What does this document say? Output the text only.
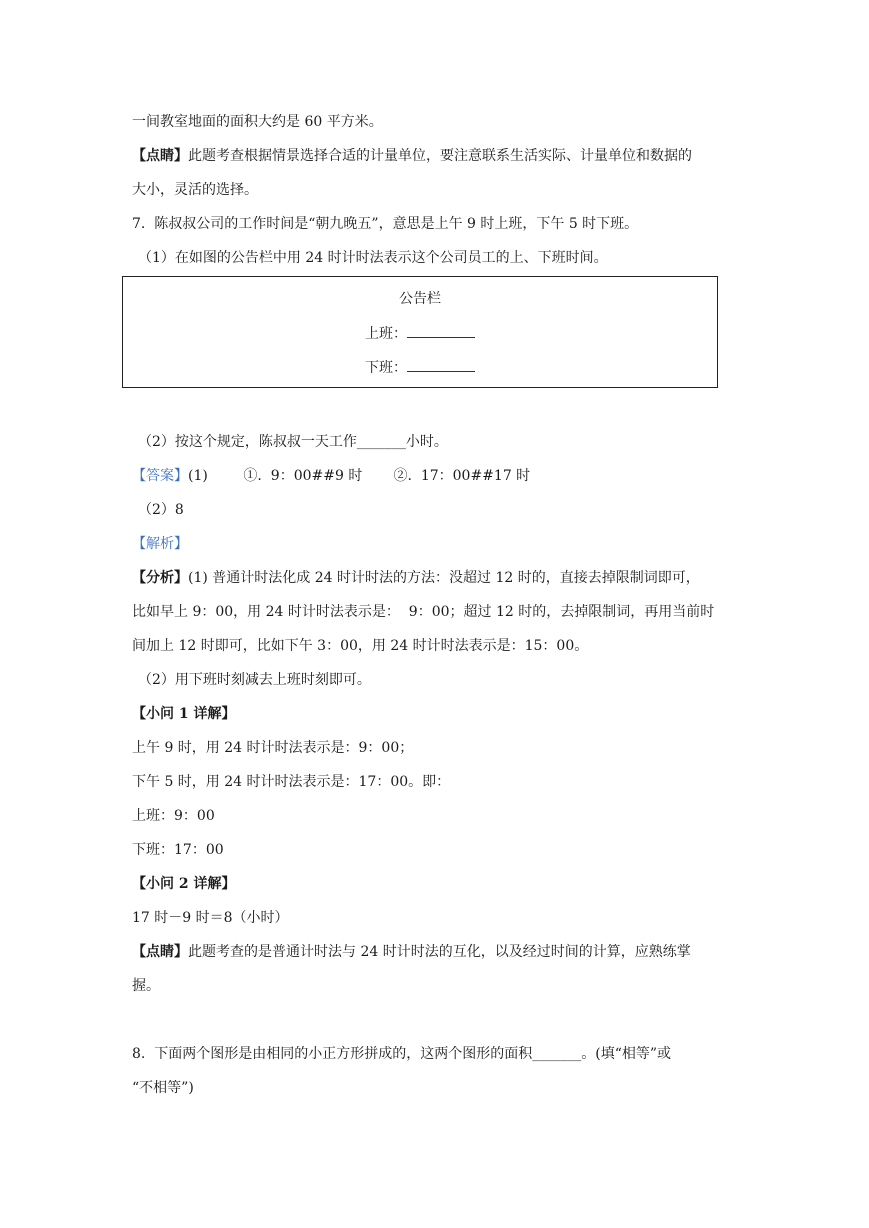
一间教室地面的面积大约是 60 平方米。
【点睛】此题考查根据情景选择合适的计量单位，要注意联系生活实际、计量单位和数据的
大小，灵活的选择。
7.  陈叔叔公司的工作时间是“朝九晚五”，意思是上午 9 时上班，下午 5 时下班。
（1）在如图的公告栏中用 24 时计时法表示这个公司员工的上、下班时间。
公告栏
上班：
下班：
（2）按这个规定，陈叔叔一天工作_______小时。
【答案】(1)        ①.  9：00##9 时       ②.  17：00##17 时
（2）8
【解析】
【分析】(1) 普通计时法化成 24 时计时法的方法：没超过 12 时的，直接去掉限制词即可，
比如早上 9：00，用 24 时计时法表示是：  9：00；超过 12 时的，去掉限制词，再用当前时
间加上 12 时即可，比如下午 3：00，用 24 时计时法表示是：15：00。
（2）用下班时刻减去上班时刻即可。
【小问 1 详解】
上午 9 时，用 24 时计时法表示是：9：00；
下午 5 时，用 24 时计时法表示是：17：00。即：
上班：9：00
下班：17：00
【小问 2 详解】
17 时－9 时＝8（小时）
【点睛】此题考查的是普通计时法与 24 时计时法的互化，以及经过时间的计算，应熟练掌
握。
8.  下面两个图形是由相同的小正方形拼成的，这两个图形的面积_______。(填“相等”或
“不相等”)
